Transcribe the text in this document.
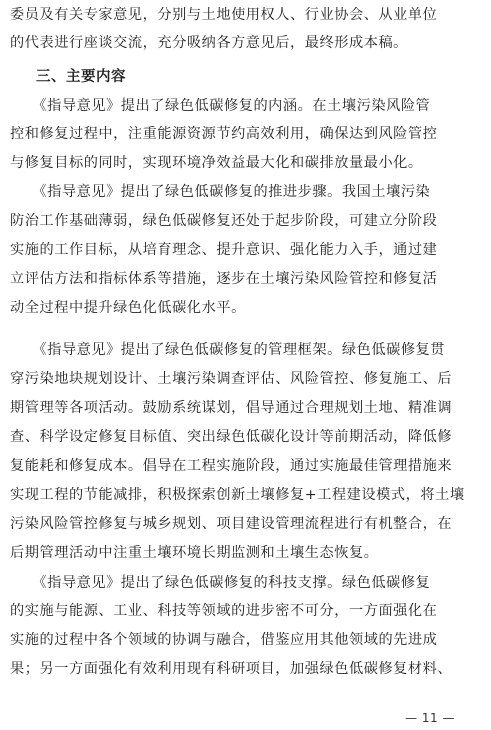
委员及有关专家意见，分别与土地使用权人、行业协会、从业单位
的代表进行座谈交流，充分吸纳各方意见后，最终形成本稿。
三、主要内容
　　《指导意见》提出了绿色低碳修复的内涵。在土壤污染风险管
控和修复过程中，注重能源资源节约高效利用，确保达到风险管控
与修复目标的同时，实现环境净效益最大化和碳排放量最小化。
　　《指导意见》提出了绿色低碳修复的推进步骤。我国土壤污染
防治工作基础薄弱，绿色低碳修复还处于起步阶段，可建立分阶段
实施的工作目标，从培育理念、提升意识、强化能力入手，通过建
立评估方法和指标体系等措施，逐步在土壤污染风险管控和修复活
动全过程中提升绿色化低碳化水平。
　　《指导意见》提出了绿色低碳修复的管理框架。绿色低碳修复贯
穿污染地块规划设计、土壤污染调查评估、风险管控、修复施工、后
期管理等各项活动。鼓励系统谋划，倡导通过合理规划土地、精准调
查、科学设定修复目标值、突出绿色低碳化设计等前期活动，降低修
复能耗和修复成本。倡导在工程实施阶段，通过实施最佳管理措施来
实现工程的节能减排，积极探索创新土壤修复+工程建设模式，将土壤
污染风险管控修复与城乡规划、项目建设管理流程进行有机整合，在
后期管理活动中注重土壤环境长期监测和土壤生态恢复。
　　《指导意见》提出了绿色低碳修复的科技支撑。绿色低碳修复
的实施与能源、工业、科技等领域的进步密不可分，一方面强化在
实施的过程中各个领域的协调与融合，借鉴应用其他领域的先进成
果；另一方面强化有效利用现有科研项目，加强绿色低碳修复材料、
— 11 —
